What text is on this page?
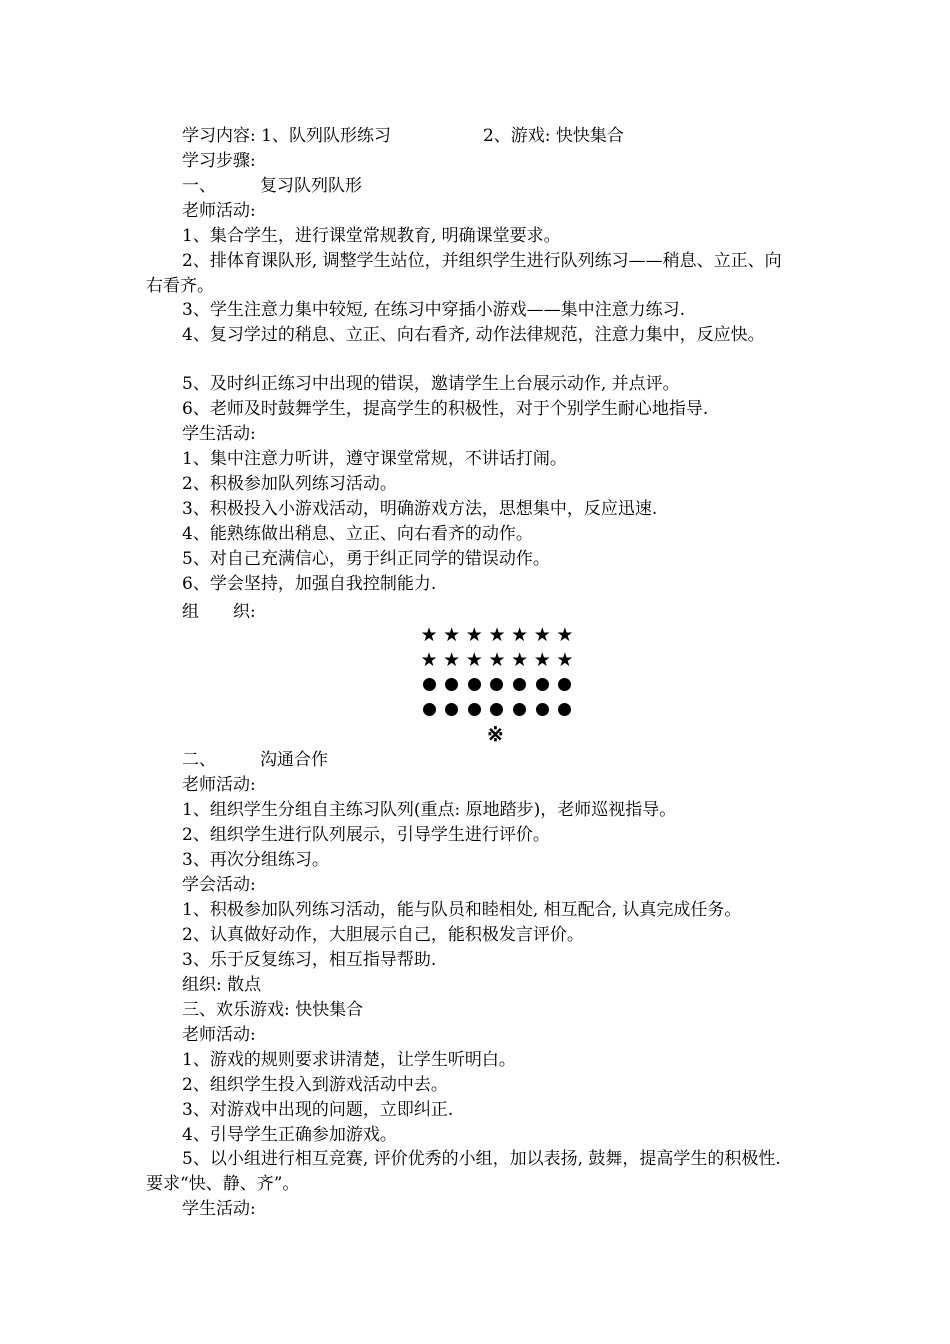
学习内容: 1、队列队形练习	2、游戏: 快快集合
学习步骤:
一、	复习队列队形
老师活动:
1、集合学生，进行课堂常规教育, 明确课堂要求。
2、排体育课队形, 调整学生站位，并组织学生进行队列练习——稍息、立正、向右看齐。
3、学生注意力集中较短, 在练习中穿插小游戏——集中注意力练习.
4、复习学过的稍息、立正、向右看齐, 动作法律规范，注意力集中，反应快。
5、及时纠正练习中出现的错误，邀请学生上台展示动作, 并点评。
6、老师及时鼓舞学生，提高学生的积极性，对于个别学生耐心地指导.
学生活动:
1、集中注意力听讲，遵守课堂常规，不讲话打闹。
2、积极参加队列练习活动。
3、积极投入小游戏活动，明确游戏方法，思想集中，反应迅速.
4、能熟练做出稍息、立正、向右看齐的动作。
5、对自己充满信心，勇于纠正同学的错误动作。
6、学会坚持，加强自我控制能力.
组　　织:
★ ★ ★ ★ ★ ★ ★
★ ★ ★ ★ ★ ★ ★
※
二、	沟通合作
老师活动:
1、组织学生分组自主练习队列(重点: 原地踏步)，老师巡视指导。
2、组织学生进行队列展示，引导学生进行评价。
3、再次分组练习。
学会活动:
1、积极参加队列练习活动，能与队员和睦相处, 相互配合, 认真完成任务。
2、认真做好动作，大胆展示自己，能积极发言评价。
3、乐于反复练习，相互指导帮助.
组织: 散点
三、欢乐游戏: 快快集合
老师活动:
1、游戏的规则要求讲清楚，让学生听明白。
2、组织学生投入到游戏活动中去。
3、对游戏中出现的问题，立即纠正.
4、引导学生正确参加游戏。
5、以小组进行相互竞赛, 评价优秀的小组，加以表扬, 鼓舞，提高学生的积极性. 要求“快、静、齐”。
学生活动:
